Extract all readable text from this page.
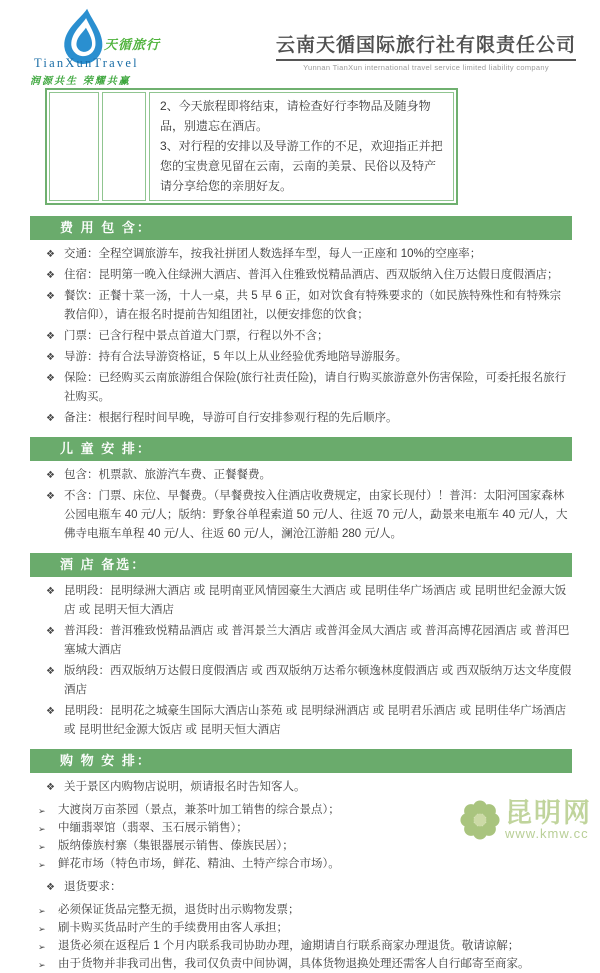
天循旅行
TianXunTravel
润源共生 荣耀共赢
云南天循国际旅行社有限责任公司
Yunnan TianXun international travel service limited liability company
2、今天旅程即将结束，请检查好行李物品及随身物品，别遗忘在酒店。
3、对行程的安排以及导游工作的不足，欢迎指正并把您的宝贵意见留在云南，云南的美景、民俗以及特产请分享给您的亲朋好友。
费 用 包 含：
❖ 交通：全程空调旅游车，按我社拼团人数选择车型，每人一正座和 10%的空座率；
❖ 住宿：昆明第一晚入住绿洲大酒店、普洱入住雅致悦精品酒店、西双版纳入住万达假日度假酒店；
❖ 餐饮：正餐十菜一汤，十人一桌，共 5 早 6 正，如对饮食有特殊要求的（如民族特殊性和有特殊宗教信仰），请在报名时提前告知组团社，以便安排您的饮食；
❖ 门票：已含行程中景点首道大门票，行程以外不含；
❖ 导游：持有合法导游资格证，5 年以上从业经验优秀地陪导游服务。
❖ 保险：已经购买云南旅游组合保险(旅行社责任险)，请自行购买旅游意外伤害保险，可委托报名旅行社购买。
❖ 备注：根据行程时间早晚，导游可自行安排参观行程的先后顺序。
儿 童 安 排：
❖ 包含：机票款、旅游汽车费、正餐餐费。
❖ 不含：门票、床位、早餐费。（早餐费按入住酒店收费规定，由家长现付）！普洱：太阳河国家森林公园电瓶车 40 元/人；版纳：野象谷单程索道 50 元/人、往返 70 元/人，勐景来电瓶车 40 元/人，大佛寺电瓶车单程 40 元/人、往返 60 元/人，澜沧江游船 280 元/人。
酒 店 备选：
❖ 昆明段：昆明绿洲大酒店 或 昆明南亚风情园豪生大酒店 或 昆明佳华广场酒店 或 昆明世纪金源大饭店 或 昆明天恒大酒店
❖ 普洱段：普洱雅致悦精品酒店 或 普洱景兰大酒店 或普洱金凤大酒店 或 普洱高博花园酒店 或 普洱巴塞城大酒店
❖ 版纳段：西双版纳万达假日度假酒店 或 西双版纳万达希尔顿逸林度假酒店 或 西双版纳万达文华度假酒店
❖ 昆明段：昆明花之城豪生国际大酒店山茶苑 或 昆明绿洲酒店 或 昆明君乐酒店 或 昆明佳华广场酒店 或 昆明世纪金源大饭店 或 昆明天恒大酒店
购 物 安 排：
❖ 关于景区内购物店说明，烦请报名时告知客人。
➢	大渡岗万亩茶园（景点，兼茶叶加工销售的综合景点）；
➢	中缅翡翠馆（翡翠、玉石展示销售）；
➢	版纳傣族村寨（集银器展示销售、傣族民居）；
➢	鲜花市场（特色市场，鲜花、精油、土特产综合市场）。
❖ 退货要求：
➢	必须保证货品完整无损，退货时出示购物发票；
➢	刷卡购买货品时产生的手续费用由客人承担；
➢	退货必须在返程后 1 个月内联系我司协助办理，逾期请自行联系商家办理退货。敬请谅解；
➢	由于货物并非我司出售，我司仅负责中间协调，具体货物退换处理还需客人自行邮寄至商家。
昆明网
www.kmw.cc
